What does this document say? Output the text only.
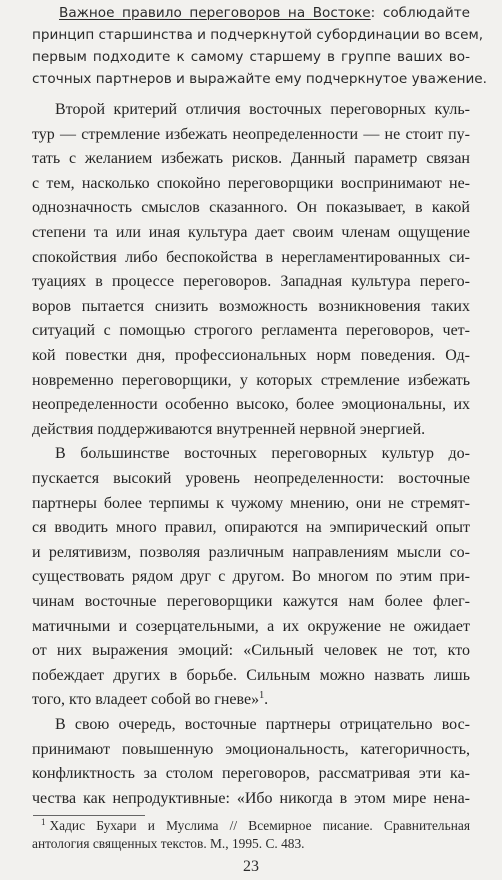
Важное правило переговоров на Востоке: соблюдайте
принцип старшинства и подчеркнутой субординации во всем,
первым подходите к самому старшему в группе ваших во-
сточных партнеров и выражайте ему подчеркнутое уважение.
Второй критерий отличия восточных переговорных куль-
тур — стремление избежать неопределенности — не стоит пу-
тать с желанием избежать рисков. Данный параметр связан
с тем, насколько спокойно переговорщики воспринимают не-
однозначность смыслов сказанного. Он показывает, в какой
степени та или иная культура дает своим членам ощущение
спокойствия либо беспокойства в нерегламентированных си-
туациях в процессе переговоров. Западная культура перего-
воров пытается снизить возможность возникновения таких
ситуаций с помощью строгого регламента переговоров, чет-
кой повестки дня, профессиональных норм поведения. Од-
новременно переговорщики, у которых стремление избежать
неопределенности особенно высоко, более эмоциональны, их
действия поддерживаются внутренней нервной энергией.
В большинстве восточных переговорных культур до-
пускается высокий уровень неопределенности: восточные
партнеры более терпимы к чужому мнению, они не стремят-
ся вводить много правил, опираются на эмпирический опыт
и релятивизм, позволяя различным направлениям мысли со-
существовать рядом друг с другом. Во многом по этим при-
чинам восточные переговорщики кажутся нам более флег-
матичными и созерцательными, а их окружение не ожидает
от них выражения эмоций: «Сильный человек не тот, кто
побеждает других в борьбе. Сильным можно назвать лишь
того, кто владеет собой во гневе»$^1$.
В свою очередь, восточные партнеры отрицательно вос-
принимают повышенную эмоциональность, категоричность,
конфликтность за столом переговоров, рассматривая эти ка-
чества как непродуктивные: «Ибо никогда в этом мире нена-
$^1$ Хадис Бухари и Муслима // Всемирное писание. Сравнительная
антология священных текстов. М., 1995. С. 483.
23
